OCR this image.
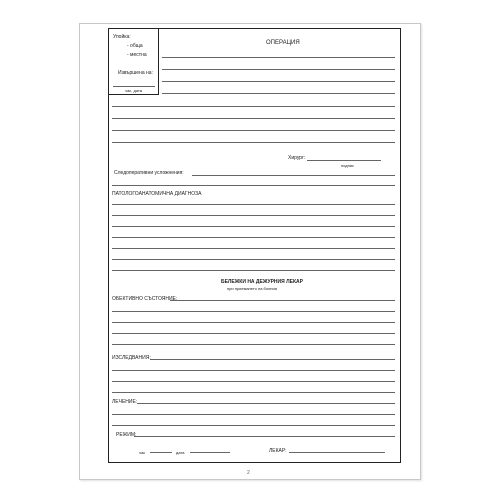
Упойка:
- обща
- местна
Извършена на:
час, дата
ОПЕРАЦИЯ
Хирург:
подпис
Следоперативни усложнения:
ПАТОЛОГОАНАТОМИЧНА ДИАГНОЗА
БЕЛЕЖКИ НА ДЕЖУРНИЯ ЛЕКАР
при приемането на болния
ОБЕКТИВНО СЪСТОЯНИЕ:
ИЗСЛЕДВАНИЯ:
ЛЕЧЕНИЕ:
РЕЖИМ:
час	дата	ЛЕКАР:
2
